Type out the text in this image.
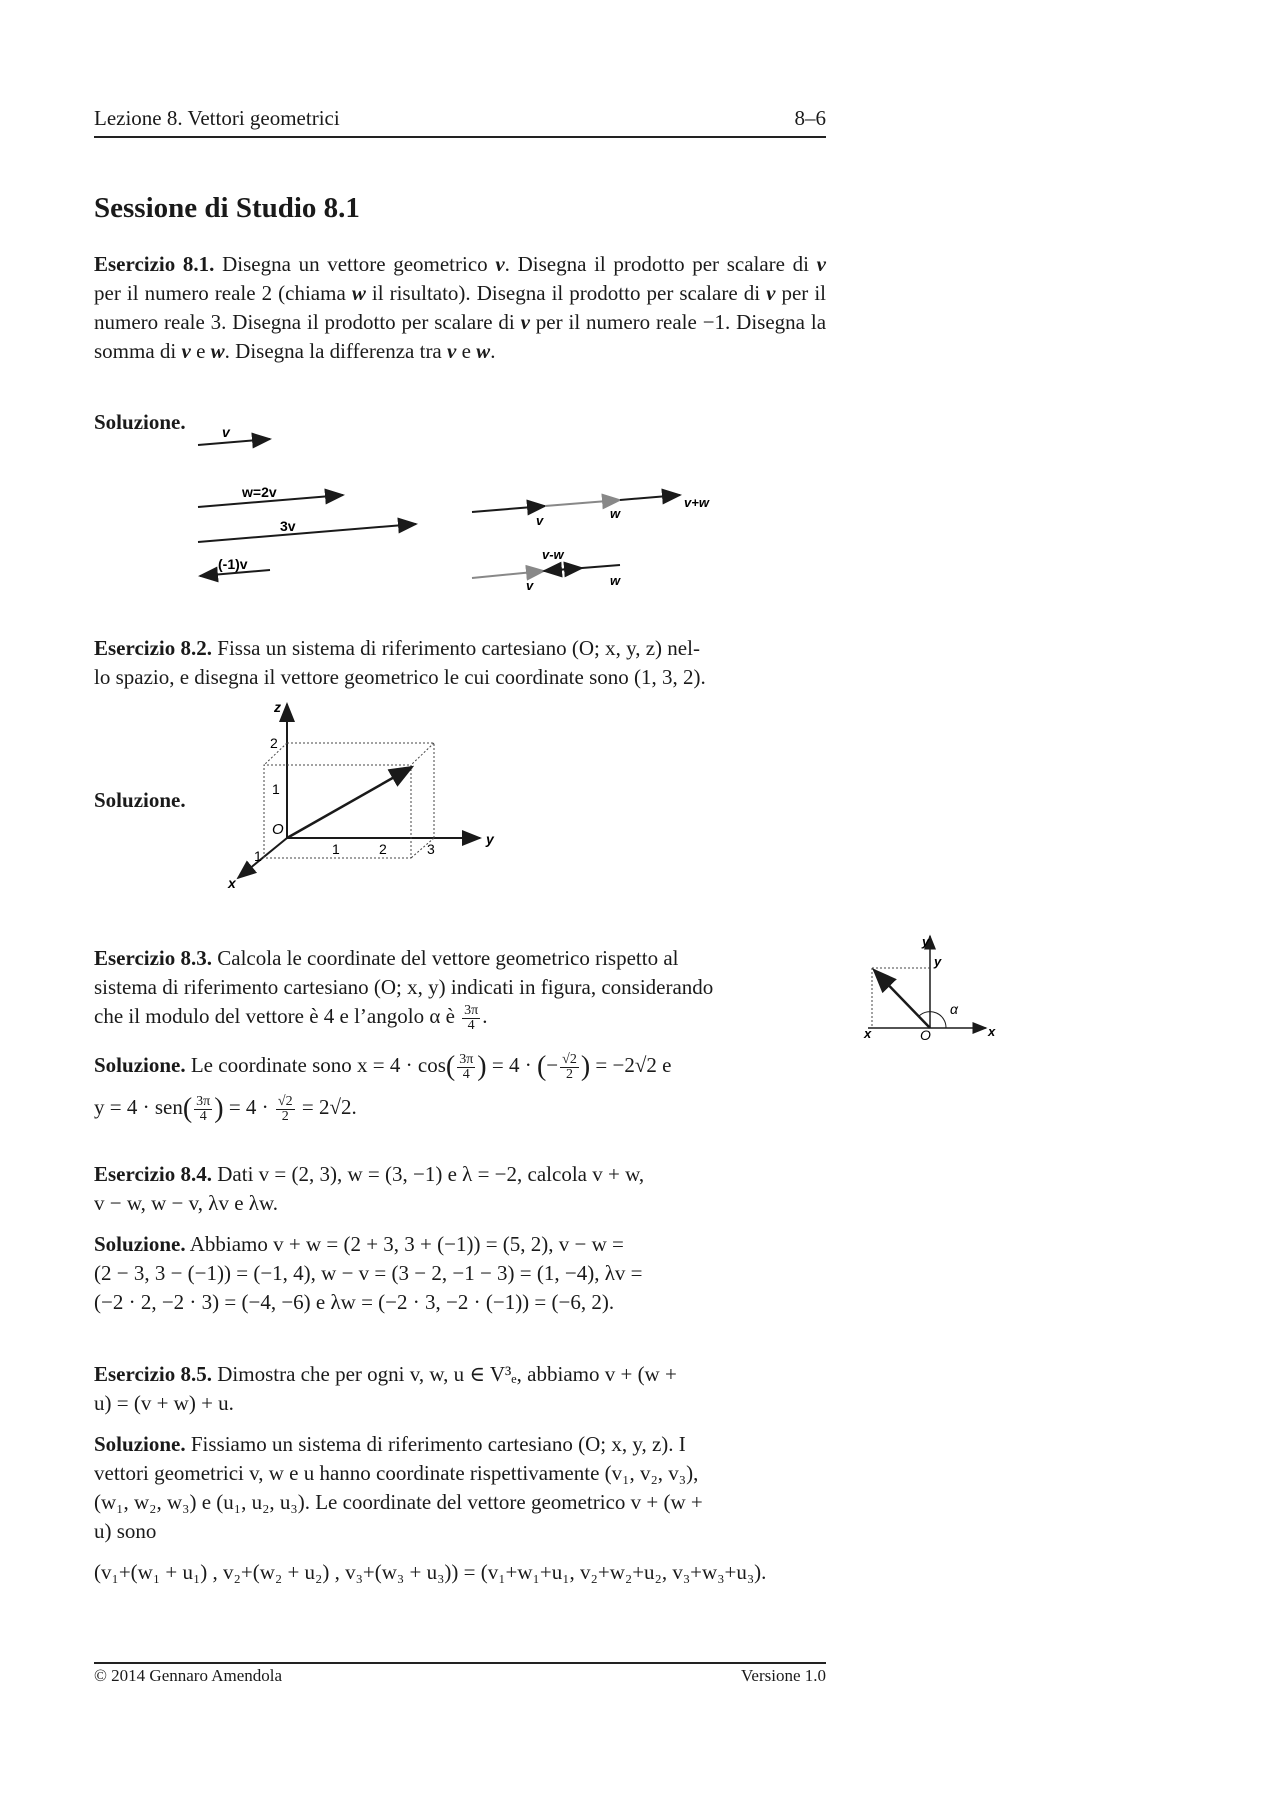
Lezione 8. Vettori geometrici	8–6
Sessione di Studio 8.1
Esercizio 8.1. Disegna un vettore geometrico v. Disegna il prodotto per scalare di v per il numero reale 2 (chiama w il risultato). Disegna il prodotto per scalare di v per il numero reale 3. Disegna il prodotto per scalare di v per il numero reale −1. Disegna la somma di v e w. Disegna la differenza tra v e w.
Soluzione.	v
w=2v
3v
(-1)v
v	w
v+w
v-w
v	w
Esercizio 8.2. Fissa un sistema di riferimento cartesiano (O; x, y, z) nel-
lo spazio, e disegna il vettore geometrico le cui coordinate sono (1, 3, 2).
Soluzione.
z
y
x
O
2
1
1	2	3
1
Esercizio 8.3. Calcola le coordinate del vettore geometrico rispetto al
sistema di riferimento cartesiano (O; x, y) indicati in figura, considerando
che il modulo del vettore è 4 e l’angolo α è $\frac{3\pi}{4}$ .
Soluzione. Le coordinate sono $x = 4 \cdot \cos( \frac{3\pi}{4}$ ) = 4 · (− $\frac{√2}{2}$ ) = −2√2 e
$y = 4 \cdot sen( \frac{3\pi}{4}$ ) = $4 \cdot \frac{√2}{2} = 2√2$.
y
y
x
x	O
α
Esercizio 8.4. Dati v = (2, 3), w = (3, −1) e λ = −2, calcola v + w,
v − w, w − v, λv e λw.
Soluzione. Abbiamo v + w = (2 + 3, 3 + (−1)) = (5, 2), v − w =
(2 − 3, 3 − (−1)) = (−1, 4), w − v = (3 − 2, −1 − 3) = (1, −4), λv =
(−2 · 2, −2 · 3) = (−4, −6) e λw = (−2 · 3, −2 · (−1)) = (−6, 2).
Esercizio 8.5. Dimostra che per ogni v, w, u ∈ V³ₑ, abbiamo v + (w +
u) = (v + w) + u.
Soluzione. Fissiamo un sistema di riferimento cartesiano (O; x, y, z). I
vettori geometrici v, w e u hanno coordinate rispettivamente (v₁, v₂, v₃),
(w₁, w₂, w₃) e (u₁, u₂, u₃). Le coordinate del vettore geometrico v + (w +
u) sono
(v₁+(w₁ + u₁) , v₂+(w₂ + u₂) , v₃+(w₃ + u₃)) = (v₁+w₁+u₁, v₂+w₂+u₂, v₃+w₃+u₃).
© 2014 Gennaro Amendola	Versione 1.0
